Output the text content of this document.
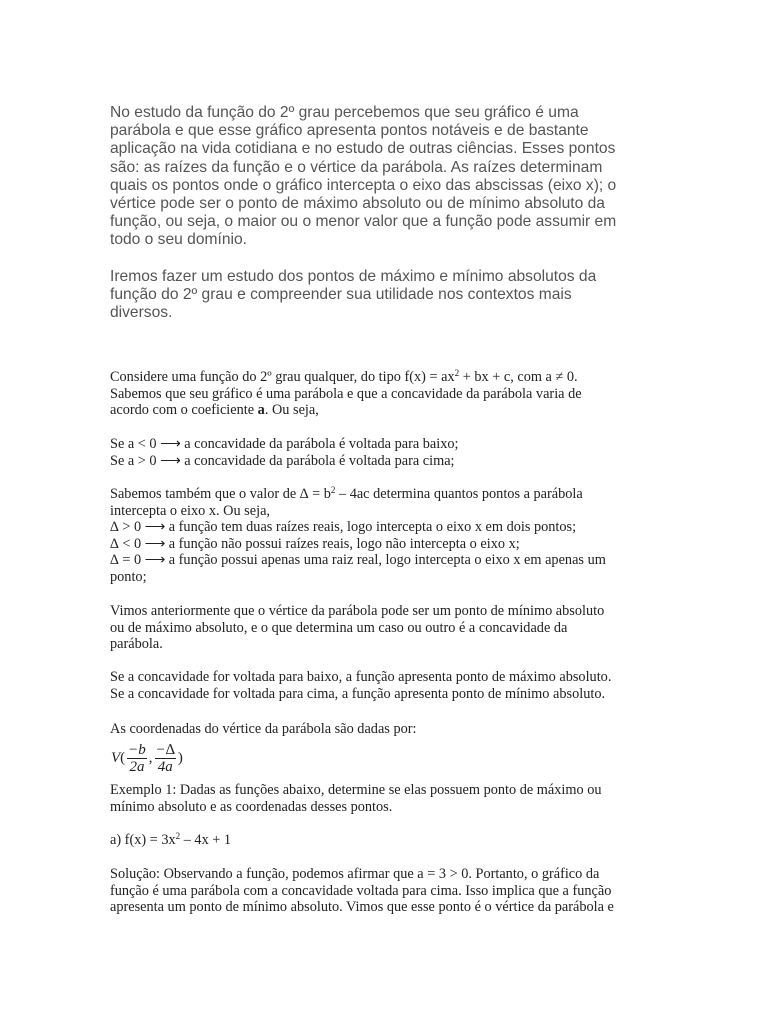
No estudo da função do 2º grau percebemos que seu gráfico é uma
parábola e que esse gráfico apresenta pontos notáveis e de bastante
aplicação na vida cotidiana e no estudo de outras ciências. Esses pontos
são: as raízes da função e o vértice da parábola. As raízes determinam
quais os pontos onde o gráfico intercepta o eixo das abscissas (eixo x); o
vértice pode ser o ponto de máximo absoluto ou de mínimo absoluto da
função, ou seja, o maior ou o menor valor que a função pode assumir em
todo o seu domínio.

Iremos fazer um estudo dos pontos de máximo e mínimo absolutos da
função do 2º grau e compreender sua utilidade nos contextos mais
diversos.

Considere uma função do 2º grau qualquer, do tipo $f(x) = ax^2$ + bx + c, com a ≠ 0.
Sabemos que seu gráfico é uma parábola e que a concavidade da parábola varia de
acordo com o coeficiente a. Ou seja,

Se a < 0 ⟶ a concavidade da parábola é voltada para baixo;
Se a > 0 ⟶ a concavidade da parábola é voltada para cima;

Sabemos também que o valor de ∆ = $b^2 - 4ac$ determina quantos pontos a parábola
intercepta o eixo x. Ou seja,
∆ > 0 ⟶ a função tem duas raízes reais, logo intercepta o eixo x em dois pontos;
∆ < 0 ⟶ a função não possui raízes reais, logo não intercepta o eixo x;
∆ = 0 ⟶ a função possui apenas uma raiz real, logo intercepta o eixo x em apenas um
ponto;

Vimos anteriormente que o vértice da parábola pode ser um ponto de mínimo absoluto
ou de máximo absoluto, e o que determina um caso ou outro é a concavidade da
parábola.

Se a concavidade for voltada para baixo, a função apresenta ponto de máximo absoluto.
Se a concavidade for voltada para cima, a função apresenta ponto de mínimo absoluto.

As coordenadas do vértice da parábola são dadas por:

V ( $\frac{-b}{2a}$ , $\frac{-\Delta}{4a}$ )

Exemplo 1: Dadas as funções abaixo, determine se elas possuem ponto de máximo ou
mínimo absoluto e as coordenadas desses pontos.

a) $f(x) = 3x^2 - 4x + 1$

Solução: Observando a função, podemos afirmar que a = 3 > 0. Portanto, o gráfico da
função é uma parábola com a concavidade voltada para cima. Isso implica que a função
apresenta um ponto de mínimo absoluto. Vimos que esse ponto é o vértice da parábola e
